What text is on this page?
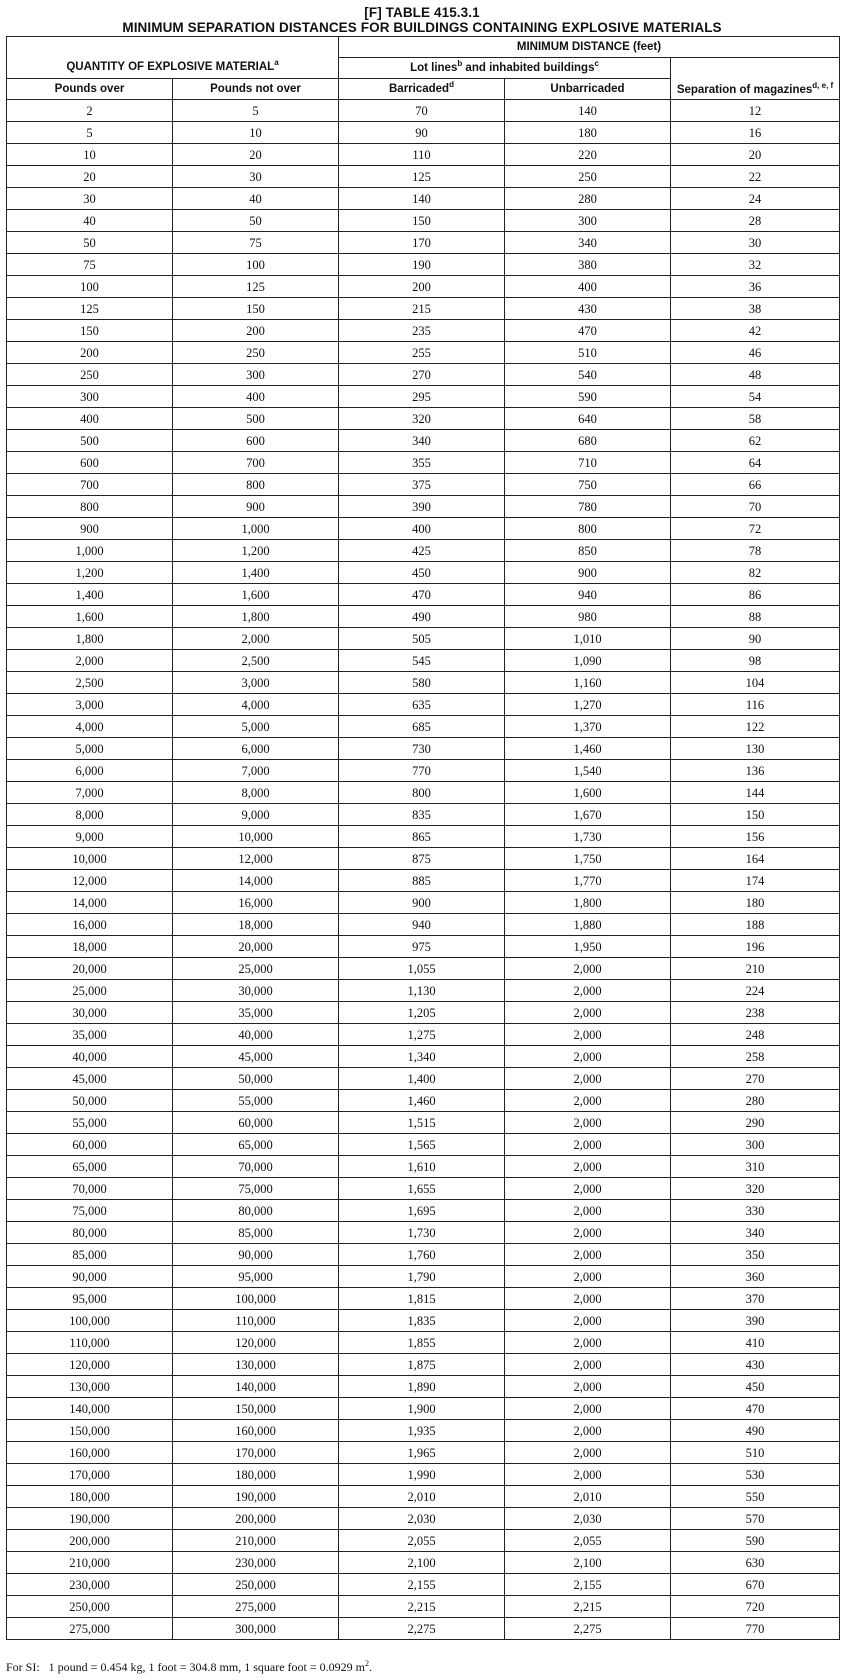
[F] TABLE 415.3.1
MINIMUM SEPARATION DISTANCES FOR BUILDINGS CONTAINING EXPLOSIVE MATERIALS
		MINIMUM DISTANCE (feet)		
QUANTITY OF EXPLOSIVE MATERIAL$^a$		Lot lines$^b$ and inhabited buildings$^c$		Separation of magazines$^{d, e, f}$
Pounds over	Pounds not over	Barricaded$^d$	Unbarricaded	
2	5	70	140	12
5	10	90	180	16
10	20	110	220	20
20	30	125	250	22
30	40	140	280	24
40	50	150	300	28
50	75	170	340	30
75	100	190	380	32
100	125	200	400	36
125	150	215	430	38
150	200	235	470	42
200	250	255	510	46
250	300	270	540	48
300	400	295	590	54
400	500	320	640	58
500	600	340	680	62
600	700	355	710	64
700	800	375	750	66
800	900	390	780	70
900	1,000	400	800	72
1,000	1,200	425	850	78
1,200	1,400	450	900	82
1,400	1,600	470	940	86
1,600	1,800	490	980	88
1,800	2,000	505	1,010	90
2,000	2,500	545	1,090	98
2,500	3,000	580	1,160	104
3,000	4,000	635	1,270	116
4,000	5,000	685	1,370	122
5,000	6,000	730	1,460	130
6,000	7,000	770	1,540	136
7,000	8,000	800	1,600	144
8,000	9,000	835	1,670	150
9,000	10,000	865	1,730	156
10,000	12,000	875	1,750	164
12,000	14,000	885	1,770	174
14,000	16,000	900	1,800	180
16,000	18,000	940	1,880	188
18,000	20,000	975	1,950	196
20,000	25,000	1,055	2,000	210
25,000	30,000	1,130	2,000	224
30,000	35,000	1,205	2,000	238
35,000	40,000	1,275	2,000	248
40,000	45,000	1,340	2,000	258
45,000	50,000	1,400	2,000	270
50,000	55,000	1,460	2,000	280
55,000	60,000	1,515	2,000	290
60,000	65,000	1,565	2,000	300
65,000	70,000	1,610	2,000	310
70,000	75,000	1,655	2,000	320
75,000	80,000	1,695	2,000	330
80,000	85,000	1,730	2,000	340
85,000	90,000	1,760	2,000	350
90,000	95,000	1,790	2,000	360
95,000	100,000	1,815	2,000	370
100,000	110,000	1,835	2,000	390
110,000	120,000	1,855	2,000	410
120,000	130,000	1,875	2,000	430
130,000	140,000	1,890	2,000	450
140,000	150,000	1,900	2,000	470
150,000	160,000	1,935	2,000	490
160,000	170,000	1,965	2,000	510
170,000	180,000	1,990	2,000	530
180,000	190,000	2,010	2,010	550
190,000	200,000	2,030	2,030	570
200,000	210,000	2,055	2,055	590
210,000	230,000	2,100	2,100	630
230,000	250,000	2,155	2,155	670
250,000	275,000	2,215	2,215	720
275,000	300,000	2,275	2,275	770
For SI:   1 pound = 0.454 kg, 1 foot = 304.8 mm, 1 square foot = 0.0929 $m^2$.
